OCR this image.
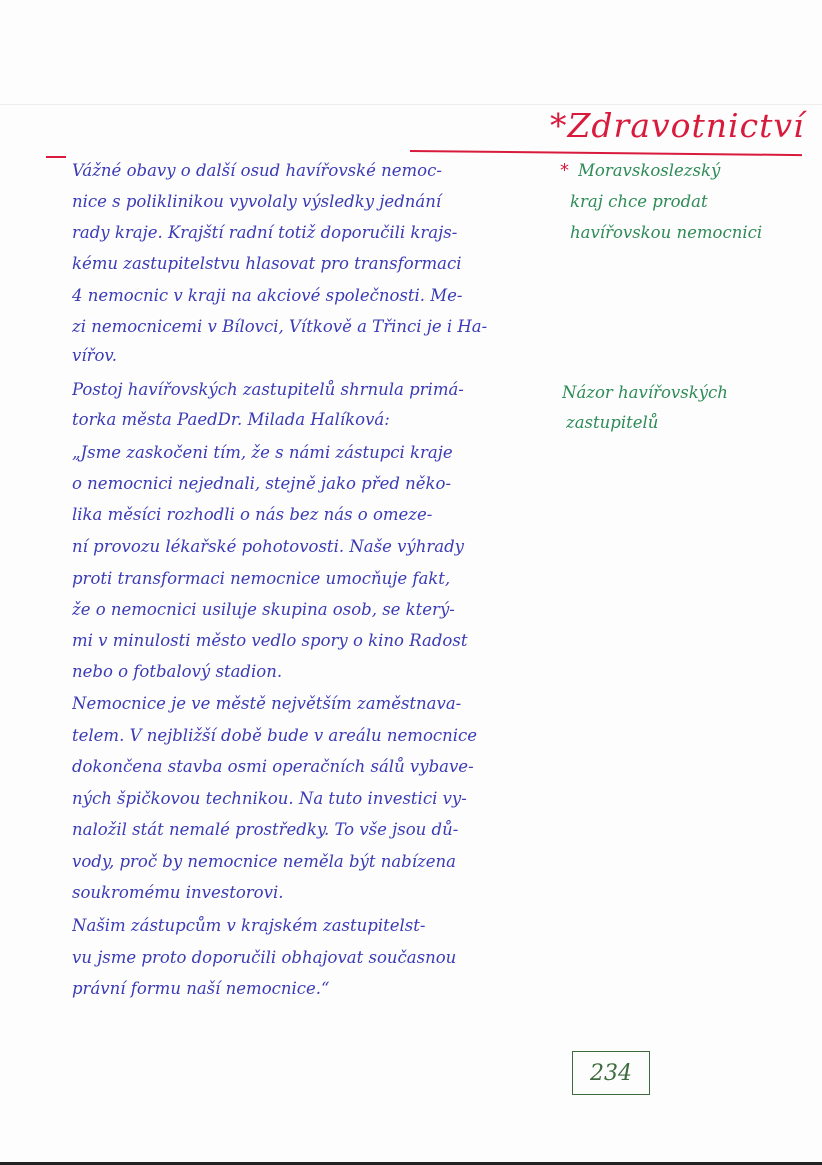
*Zdravotnictví
Vážné obavy o další osud havířovské nemoc-
nice s poliklinikou vyvolaly výsledky jednání
rady kraje. Krajští radní totiž doporučili krajs-
kému zastupitelstvu hlasovat pro transformaci
4 nemocnic v kraji na akciové společnosti. Me-
zi nemocnicemi v Bílovci, Vítkově a Třinci je i Ha-
vířov.
Postoj havířovských zastupitelů shrnula primá-
torka města PaedDr. Milada Halíková:
„Jsme zaskočeni tím, že s námi zástupci kraje
o nemocnici nejednali, stejně jako před něko-
lika měsíci rozhodli o nás bez nás o omeze-
ní provozu lékařské pohotovosti. Naše výhrady
proti transformaci nemocnice umocňuje fakt,
že o nemocnici usiluje skupina osob, se který-
mi v minulosti město vedlo spory o kino Radost
nebo o fotbalový stadion.
Nemocnice je ve městě největším zaměstnava-
telem. V nejbližší době bude v areálu nemocnice
dokončena stavba osmi operačních sálů vybave-
ných špičkovou technikou. Na tuto investici vy-
naložil stát nemalé prostředky. To vše jsou dů-
vody, proč by nemocnice neměla být nabízena
soukromému investorovi.
Našim zástupcům v krajském zastupitelst-
vu jsme proto doporučili obhajovat současnou
právní formu naší nemocnice.“
* Moravskoslezský
kraj chce prodat
havířovskou nemocnici
Názor havířovských
zastupitelů
234
